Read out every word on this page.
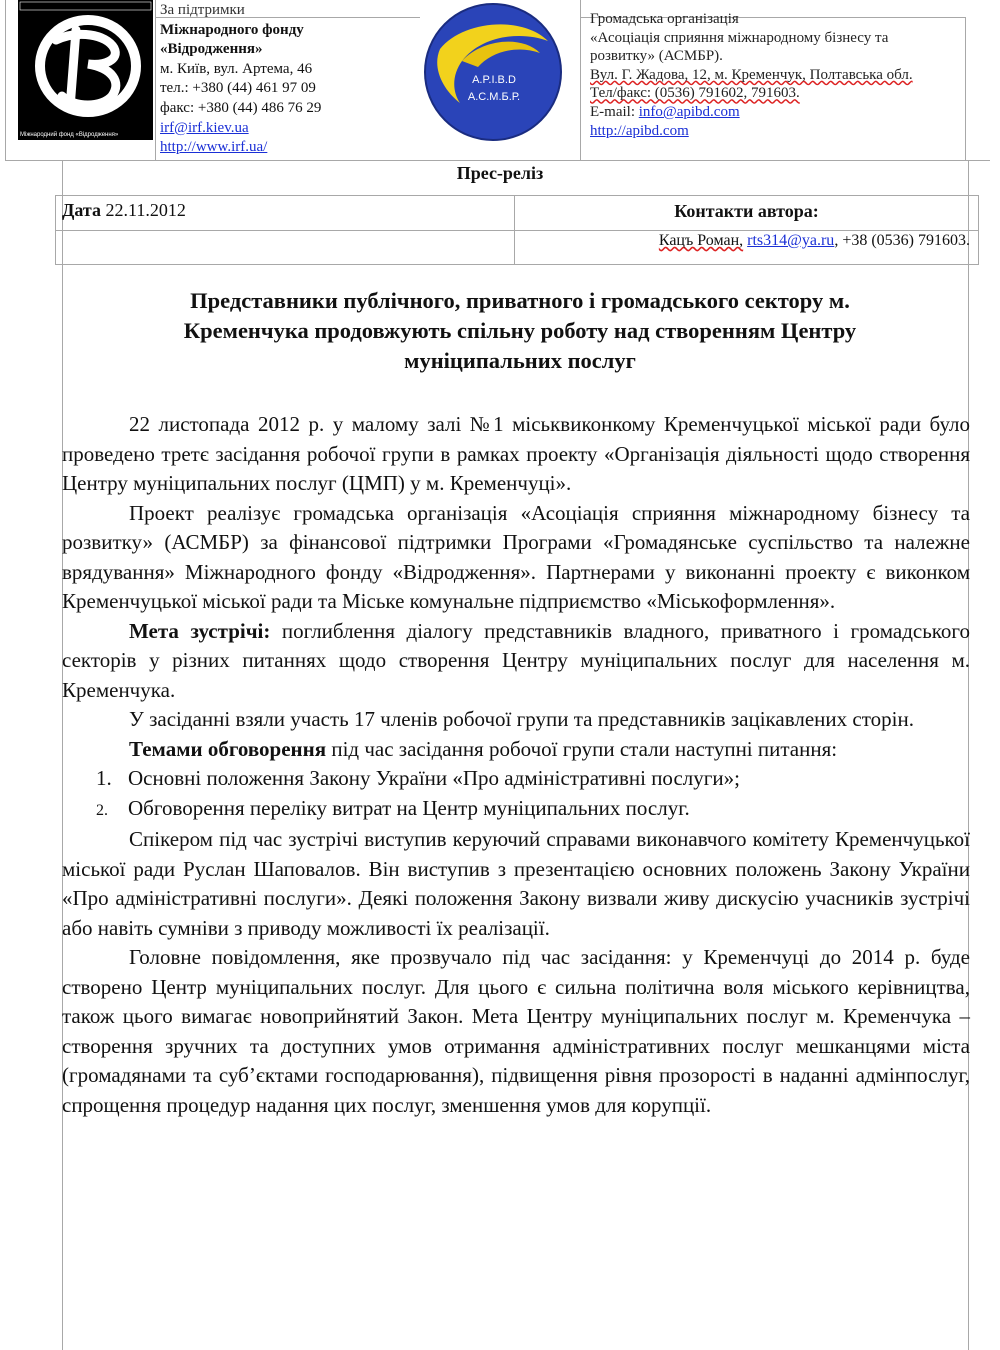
Міжнародний фонд «Відродження»
За підтримки
Міжнародного фонду
«Відродження»
м. Київ, вул. Артема, 46
тел.: +380 (44) 461 97 09
факс: +380 (44) 486 76 29
irf@irf.kiev.ua
http://www.irf.ua/
A.P.I.B.D
А.С.М.Б.Р.
Громадська організація
«Асоціація сприяння міжнародному бізнесу та
розвитку» (АСМБР).
Вул. Г. Жадова, 12, м. Кременчук, Полтавська обл.
Тел/факс: (0536) 791602, 791603.
E-mail: info@apibd.com
http://apibd.com
Прес-реліз
Дата 22.11.2012	Контакти автора:
Кацъ Роман, rts314@ya.ru, +38 (0536) 791603.
Представники публічного, приватного і громадського сектору м.
Кременчука продовжують спільну роботу над створенням Центру
муніципальних послуг

22 листопада 2012 р. у малому залі №1 міськвиконкому Кременчуцької міської ради було проведено третє засідання робочої групи в рамках проекту «Організація діяльності щодо створення Центру муніципальних послуг (ЦМП) у м. Кременчуці».

Проект реалізує громадська організація «Асоціація сприяння міжнародному бізнесу та розвитку» (АСМБР) за фінансової підтримки Програми «Громадянське суспільство та належне врядування» Міжнародного фонду «Відродження». Партнерами у виконанні проекту є виконком Кременчуцької міської ради та Міське комунальне підприємство «Міськоформлення».

Мета зустрічі: поглиблення діалогу представників владного, приватного і громадського секторів у різних питаннях щодо створення Центру муніципальних послуг для населення м. Кременчука.

У засіданні взяли участь 17 членів робочої групи та представників зацікавлених сторін.

Темами обговорення під час засідання робочої групи стали наступні питання:

1. Основні положення Закону України «Про адміністративні послуги»;
2. Обговорення переліку витрат на Центр муніципальних послуг.

Спікером під час зустрічі виступив керуючий справами виконавчого комітету Кременчуцької міської ради Руслан Шаповалов. Він виступив з презентацією основних положень Закону України «Про адміністративні послуги». Деякі положення Закону визвали живу дискусію учасників зустрічі або навіть сумніви з приводу можливості їх реалізації.

Головне повідомлення, яке прозвучало під час засідання: у Кременчуці до 2014 р. буде створено Центр муніципальних послуг. Для цього є сильна політична воля міського керівництва, також цього вимагає новоприйнятий Закон. Мета Центру муніципальних послуг м. Кременчука – створення зручних та доступних умов отримання адміністративних послуг мешканцями міста (громадянами та суб’єктами господарювання), підвищення рівня прозорості в наданні адмінпослуг, спрощення процедур надання цих послуг, зменшення умов для корупції.
